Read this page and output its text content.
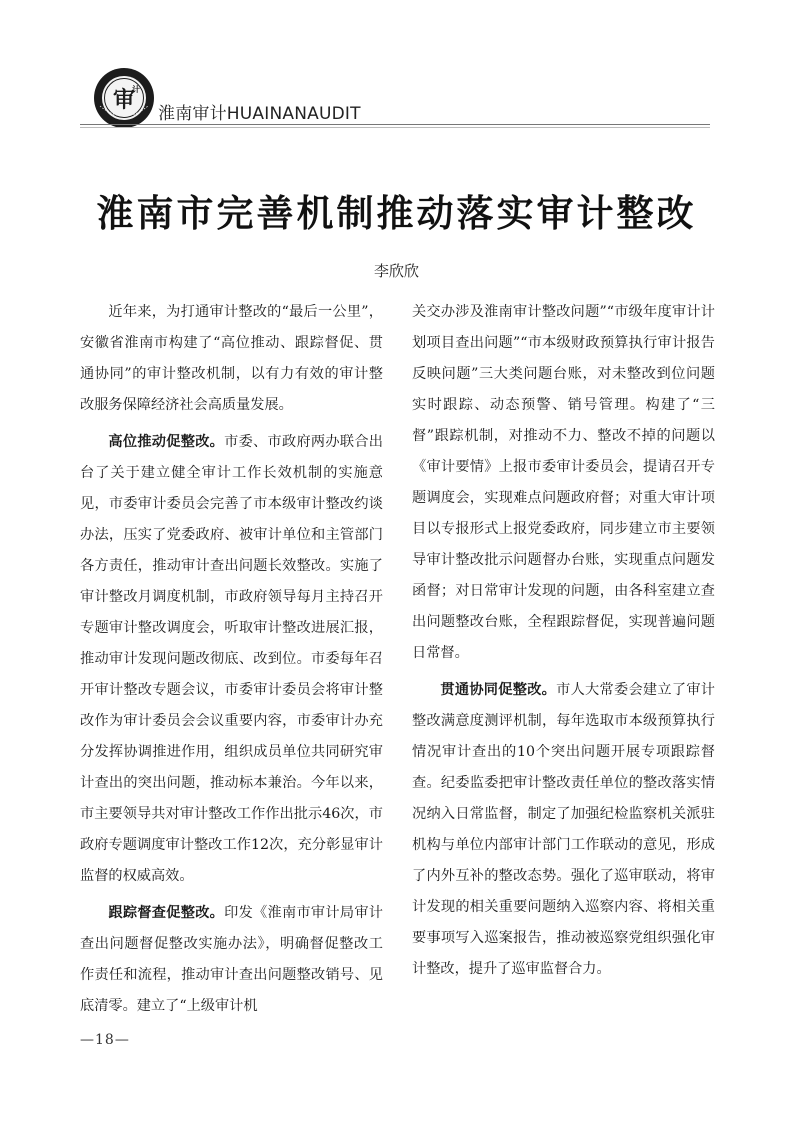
审
计
淮南审计HUAINANAUDIT
淮南市完善机制推动落实审计整改
李欣欣

近年来，为打通审计整改的“最后一公里”，安徽省淮南市构建了“高位推动、跟踪督促、贯通协同”的审计整改机制，以有力有效的审计整改服务保障经济社会高质量发展。

高位推动促整改。市委、市政府两办联合出台了关于建立健全审计工作长效机制的实施意见，市委审计委员会完善了市本级审计整改约谈办法，压实了党委政府、被审计单位和主管部门各方责任，推动审计查出问题长效整改。实施了审计整改月调度机制，市政府领导每月主持召开专题审计整改调度会，听取审计整改进展汇报，推动审计发现问题改彻底、改到位。市委每年召开审计整改专题会议，市委审计委员会将审计整改作为审计委员会会议重要内容，市委审计办充分发挥协调推进作用，组织成员单位共同研究审计查出的突出问题，推动标本兼治。今年以来，市主要领导共对审计整改工作作出批示46次，市政府专题调度审计整改工作12次，充分彰显审计监督的权威高效。

跟踪督查促整改。印发《淮南市审计局审计查出问题督促整改实施办法》，明确督促整改工作责任和流程，推动审计查出问题整改销号、见底清零。建立了“上级审计机

关交办涉及淮南审计整改问题”“市级年度审计计划项目查出问题”“市本级财政预算执行审计报告反映问题”三大类问题台账，对未整改到位问题实时跟踪、动态预警、销号管理。构建了“三督”跟踪机制，对推动不力、整改不掉的问题以《审计要情》上报市委审计委员会，提请召开专题调度会，实现难点问题政府督；对重大审计项目以专报形式上报党委政府，同步建立市主要领导审计整改批示问题督办台账，实现重点问题发函督；对日常审计发现的问题，由各科室建立查出问题整改台账，全程跟踪督促，实现普遍问题日常督。

贯通协同促整改。市人大常委会建立了审计整改满意度测评机制，每年选取市本级预算执行情况审计查出的10个突出问题开展专项跟踪督查。纪委监委把审计整改责任单位的整改落实情况纳入日常监督，制定了加强纪检监察机关派驻机构与单位内部审计部门工作联动的意见，形成了内外互补的整改态势。强化了巡审联动，将审计发现的相关重要问题纳入巡察内容、将相关重要事项写入巡案报告，推动被巡察党组织强化审计整改，提升了巡审监督合力。

—18—
